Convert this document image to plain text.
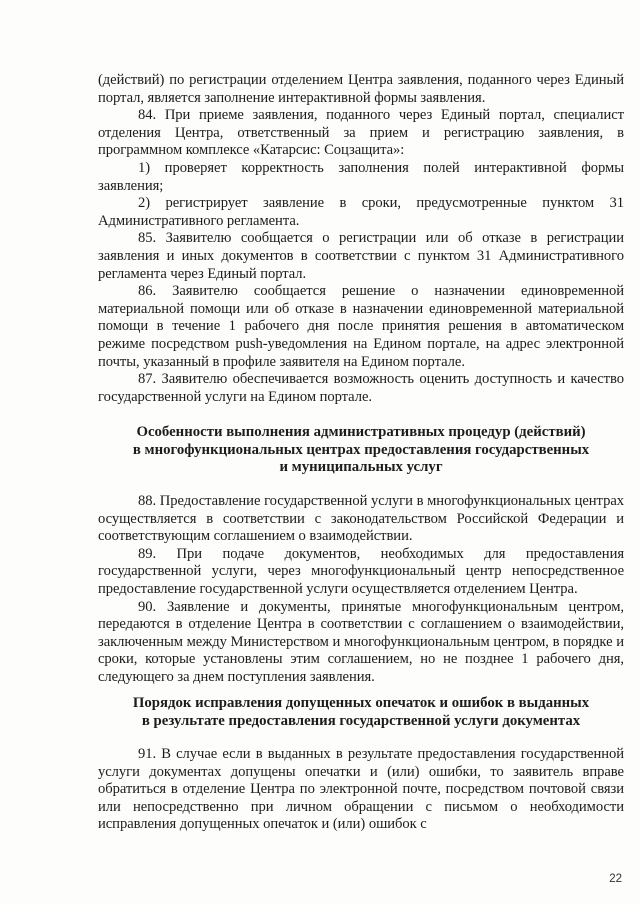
(действий) по регистрации отделением Центра заявления, поданного через Единый портал, является заполнение интерактивной формы заявления.

84. При приеме заявления, поданного через Единый портал, специалист отделения Центра, ответственный за прием и регистрацию заявления, в программном комплексе «Катарсис: Соцзащита»:

1) проверяет корректность заполнения полей интерактивной формы заявления;

2) регистрирует заявление в сроки, предусмотренные пунктом 31 Административного регламента.

85. Заявителю сообщается о регистрации или об отказе в регистрации заявления и иных документов в соответствии с пунктом 31 Административного регламента через Единый портал.

86. Заявителю сообщается решение о назначении единовременной материальной помощи или об отказе в назначении единовременной материальной помощи в течение 1 рабочего дня после принятия решения в автоматическом режиме посредством push-уведомления на Едином портале, на адрес электронной почты, указанный в профиле заявителя на Едином портале.

87. Заявителю обеспечивается возможность оценить доступность и качество государственной услуги на Едином портале.

Особенности выполнения административных процедур (действий)
в многофункциональных центрах предоставления государственных
и муниципальных услуг

88. Предоставление государственной услуги в многофункциональных центрах осуществляется в соответствии с законодательством Российской Федерации и соответствующим соглашением о взаимодействии.

89. При подаче документов, необходимых для предоставления государственной услуги, через многофункциональный центр непосредственное предоставление государственной услуги осуществляется отделением Центра.

90. Заявление и документы, принятые многофункциональным центром, передаются в отделение Центра в соответствии с соглашением о взаимодействии, заключенным между Министерством и многофункциональным центром, в порядке и сроки, которые установлены этим соглашением, но не позднее 1 рабочего дня, следующего за днем поступления заявления.

Порядок исправления допущенных опечаток и ошибок в выданных
в результате предоставления государственной услуги документах

91. В случае если в выданных в результате предоставления государственной услуги документах допущены опечатки и (или) ошибки, то заявитель вправе обратиться в отделение Центра по электронной почте, посредством почтовой связи или непосредственно при личном обращении с письмом о необходимости исправления допущенных опечаток и (или) ошибок с

22
